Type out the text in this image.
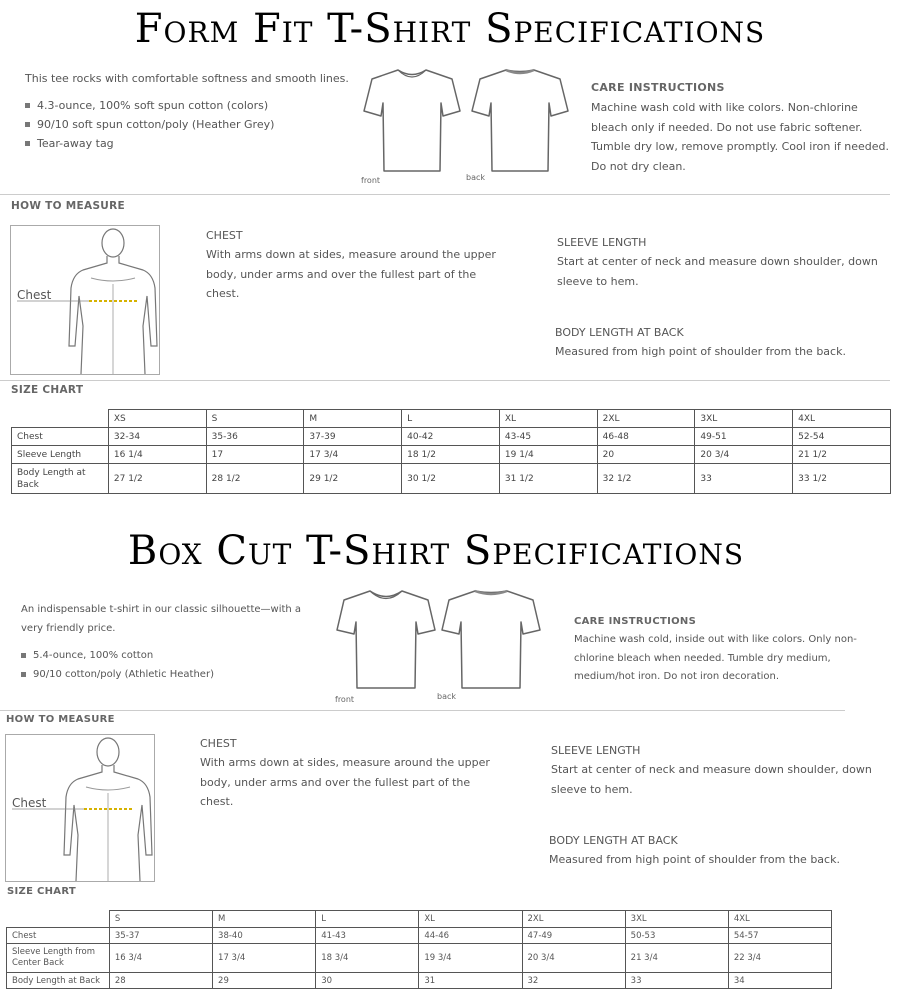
Form Fit T-Shirt Specifications
This tee rocks with comfortable softness and smooth lines.
4.3-ounce, 100% soft spun cotton (colors)
90/10 soft spun cotton/poly (Heather Grey)
Tear-away tag
front	back
CARE INSTRUCTIONS
Machine wash cold with like colors. Non-chlorine bleach only if needed. Do not use fabric softener. Tumble dry low, remove promptly. Cool iron if needed. Do not dry clean.
HOW TO MEASURE
Chest
CHEST
With arms down at sides, measure around the upper body, under arms and over the fullest part of the chest.
SLEEVE LENGTH
Start at center of neck and measure down shoulder, down sleeve to hem.
BODY LENGTH AT BACK
Measured from high point of shoulder from the back.
SIZE CHART
	XS	S	M	L	XL	2XL	3XL	4XL
Chest	32-34	35-36	37-39	40-42	43-45	46-48	49-51	52-54
Sleeve Length	16 1/4	17	17 3/4	18 1/2	19 1/4	20	20 3/4	21 1/2
Body Length at Back	27 1/2	28 1/2	29 1/2	30 1/2	31 1/2	32 1/2	33	33 1/2
Box Cut T-Shirt Specifications
An indispensable t-shirt in our classic silhouette—with a very friendly price.
5.4-ounce, 100% cotton
90/10 cotton/poly (Athletic Heather)
front	back
CARE INSTRUCTIONS
Machine wash cold, inside out with like colors. Only non-chlorine bleach when needed. Tumble dry medium, medium/hot iron. Do not iron decoration.
HOW TO MEASURE
Chest
CHEST
With arms down at sides, measure around the upper body, under arms and over the fullest part of the chest.
SLEEVE LENGTH
Start at center of neck and measure down shoulder, down sleeve to hem.
BODY LENGTH AT BACK
Measured from high point of shoulder from the back.
SIZE CHART
	S	M	L	XL	2XL	3XL	4XL
Chest	35-37	38-40	41-43	44-46	47-49	50-53	54-57
Sleeve Length from Center Back	16 3/4	17 3/4	18 3/4	19 3/4	20 3/4	21 3/4	22 3/4
Body Length at Back	28	29	30	31	32	33	34
